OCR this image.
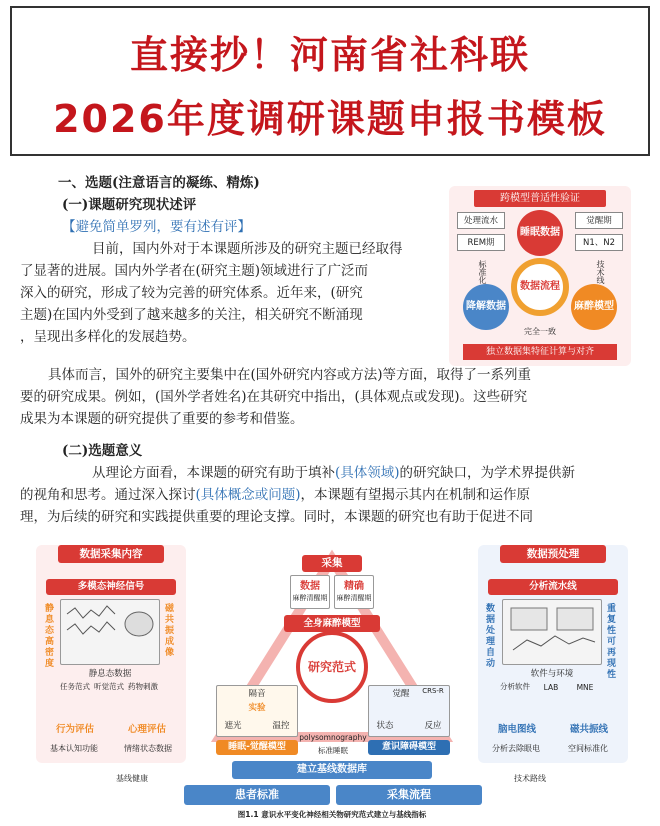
直接抄！河南省社科联
2026年度调研课题申报书模板
一、选题(注意语言的凝练、精炼)
(一)课题研究现状述评
【避免简单罗列，要有述有评】
目前，国内外对于本课题所涉及的研究主题已经取得
了显著的进展。国内外学者在(研究主题)领域进行了广泛而
深入的研究，形成了较为完善的研究体系。近年来，(研究
主题)在国内外受到了越来越多的关注，相关研究不断涌现
，呈现出多样化的发展趋势。
具体而言，国外的研究主要集中在(国外研究内容或方法)等方面，取得了一系列重
要的研究成果。例如，(国外学者姓名)在其研究中指出，(具体观点或发现)。这些研究
成果为本课题的研究提供了重要的参考和借鉴。
(二)选题意义
从理论方面看，本课题的研究有助于填补(具体领域)的研究缺口，为学术界提供新
的视角和思考。通过深入探讨(具体概念或问题)，本课题有望揭示其内在机制和运作原
理，为后续的研究和实践提供重要的理论支撑。同时，本课题的研究也有助于促进不同
跨模型普适性验证
处理流水
REM期
觉醒期
N1、N2
标准化	技术线
睡眠数据
数据流程
降解数据	麻醉模型
完全一致
独立数据集特征计算与对齐
数据采集内容
多模态神经信号
静息态高密度	磁共振成像
静息态数据
任务范式 听觉范式 药物刺激
行为评估	心理评估
基本认知功能	情绪状态数据
数据预处理
分析流水线
数据处理自动	重复性可再现性
软件与环境
分析软件	LAB	MNE
脑电图线	磁共振线
分析去除眼电	空间标准化
采集
数据	精确
麻醉清醒期	麻醉清醒期
全身麻醉模型
研究范式
隔音
实验
遮光	温控
睡眠-觉醒模型
觉醒	CRS-R
状态	反应
意识障碍模型
polysomnography
标准睡眠
建立基线数据库
基线健康	技术路线
患者标准	采集流程
图1.1 意识水平变化神经相关物研究范式建立与基线指标
